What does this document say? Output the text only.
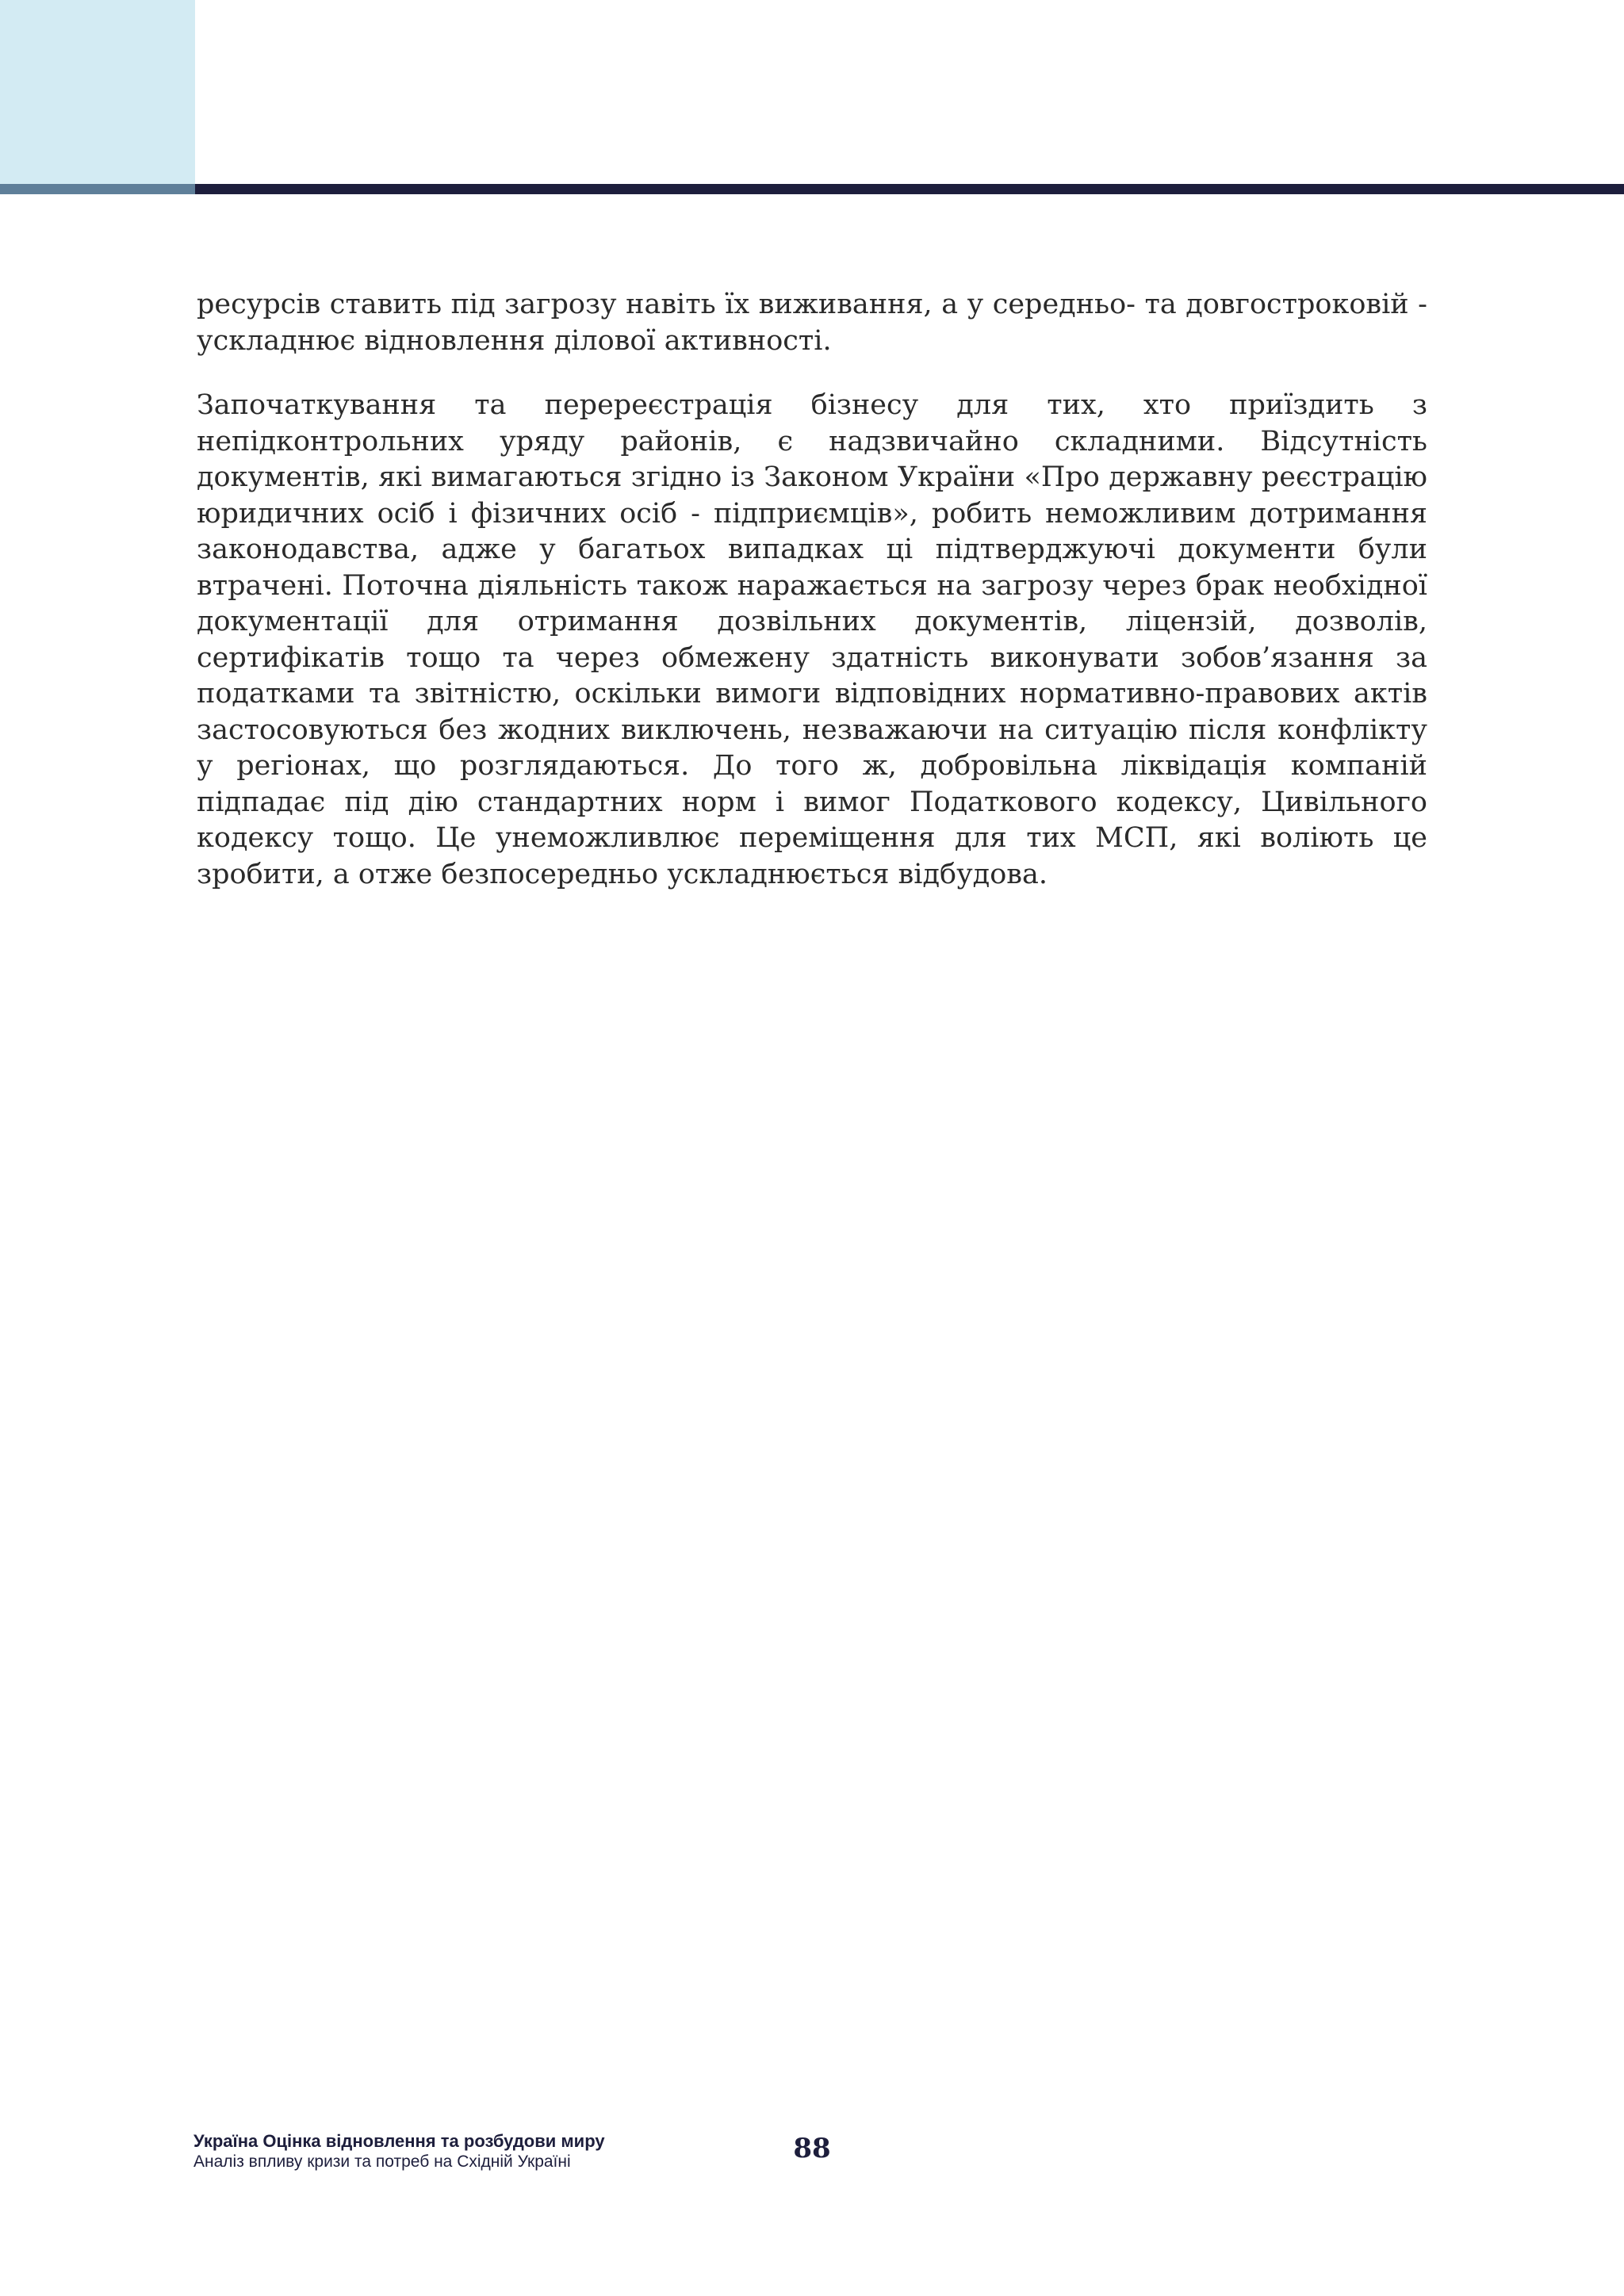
ресурсів ставить під загрозу навіть їх виживання, а у середньо- та довгостроковій - ускладнює відновлення ділової активності.

Започаткування та перереєстрація бізнесу для тих, хто приїздить з непідконтрольних уряду районів, є надзвичайно складними. Відсутність документів, які вимагаються згідно із Законом України «Про державну реєстрацію юридичних осіб і фізичних осіб - підприємців», робить неможливим дотримання законодавства, адже у багатьох випадках ці підтверджуючі документи були втрачені. Поточна діяльність також наражається на загрозу через брак необхідної документації для отримання дозвільних документів, ліцензій, дозволів, сертифікатів тощо та через обмежену здатність виконувати зобов’язання за податками та звітністю, оскільки вимоги відповідних нормативно-правових актів застосовуються без жодних виключень, незважаючи на ситуацію після конфлікту у регіонах, що розглядаються. До того ж, добровільна ліквідація компаній підпадає під дію стандартних норм і вимог Податкового кодексу, Цивільного кодексу тощо. Це унеможливлює переміщення для тих МСП, які воліють це зробити, а отже безпосередньо ускладнюється відбудова.

Україна Оцінка відновлення та розбудови миру
Аналіз впливу кризи та потреб на Східній Україні	88
